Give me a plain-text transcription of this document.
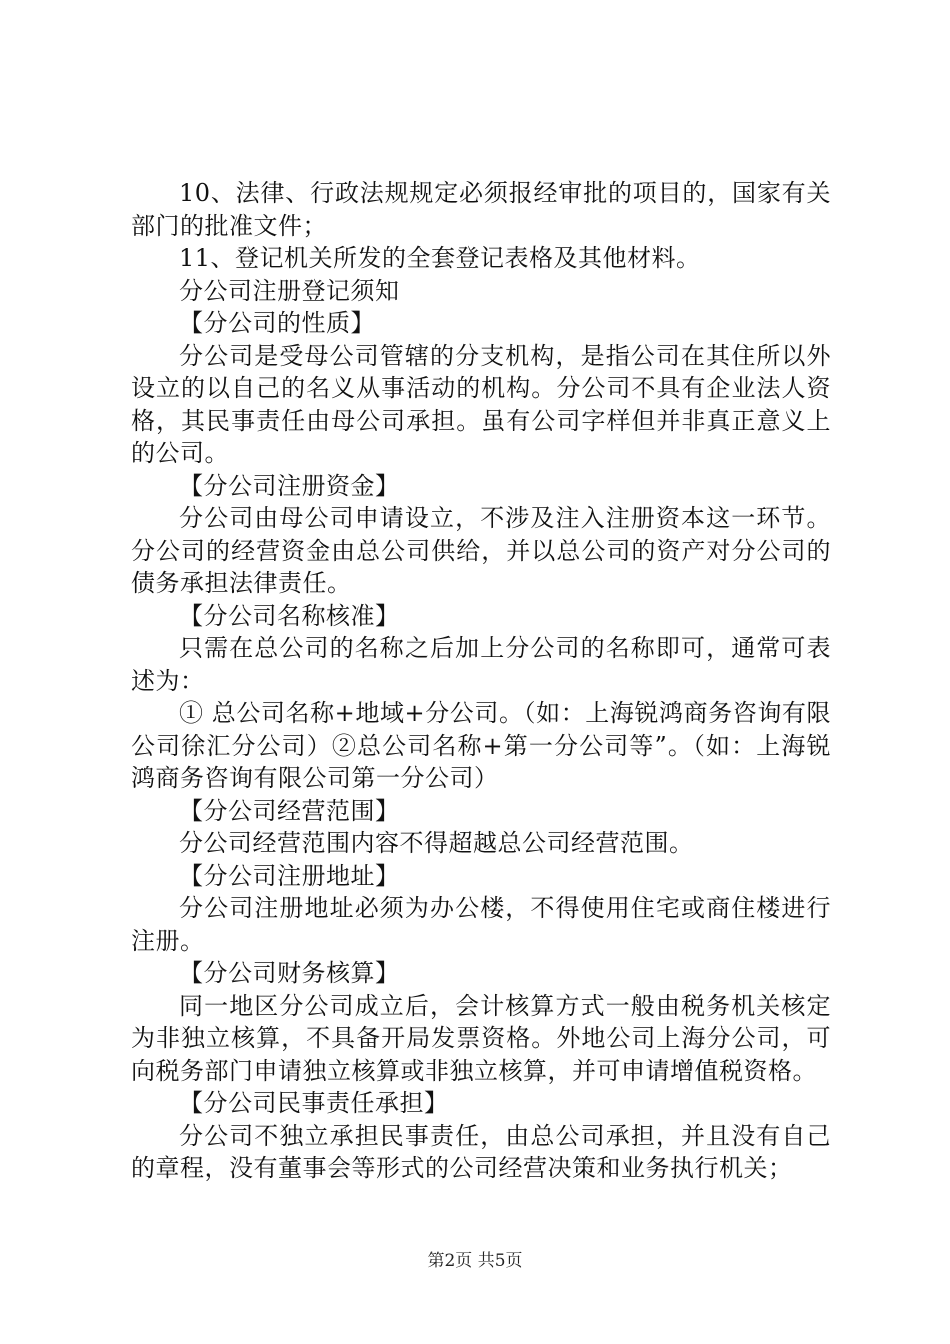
10、法律、行政法规规定必须报经审批的项目的，国家有关部门的批准文件；

11、登记机关所发的全套登记表格及其他材料。

分公司注册登记须知

【分公司的性质】

分公司是受母公司管辖的分支机构，是指公司在其住所以外设立的以自己的名义从事活动的机构。分公司不具有企业法人资格，其民事责任由母公司承担。虽有公司字样但并非真正意义上的公司。

【分公司注册资金】

分公司由母公司申请设立，不涉及注入注册资本这一环节。分公司的经营资金由总公司供给，并以总公司的资产对分公司的债务承担法律责任。

【分公司名称核准】

只需在总公司的名称之后加上分公司的名称即可，通常可表述为：

① 总公司名称+地域+分公司。（如：上海锐鸿商务咨询有限公司徐汇分公司）②总公司名称+第一分公司等”。（如：上海锐鸿商务咨询有限公司第一分公司）

【分公司经营范围】

分公司经营范围内容不得超越总公司经营范围。

【分公司注册地址】

分公司注册地址必须为办公楼，不得使用住宅或商住楼进行注册。

【分公司财务核算】

同一地区分公司成立后，会计核算方式一般由税务机关核定为非独立核算，不具备开局发票资格。外地公司上海分公司，可向税务部门申请独立核算或非独立核算，并可申请增值税资格。

【分公司民事责任承担】

分公司不独立承担民事责任，由总公司承担，并且没有自己的章程，没有董事会等形式的公司经营决策和业务执行机关；

第2页 共5页
